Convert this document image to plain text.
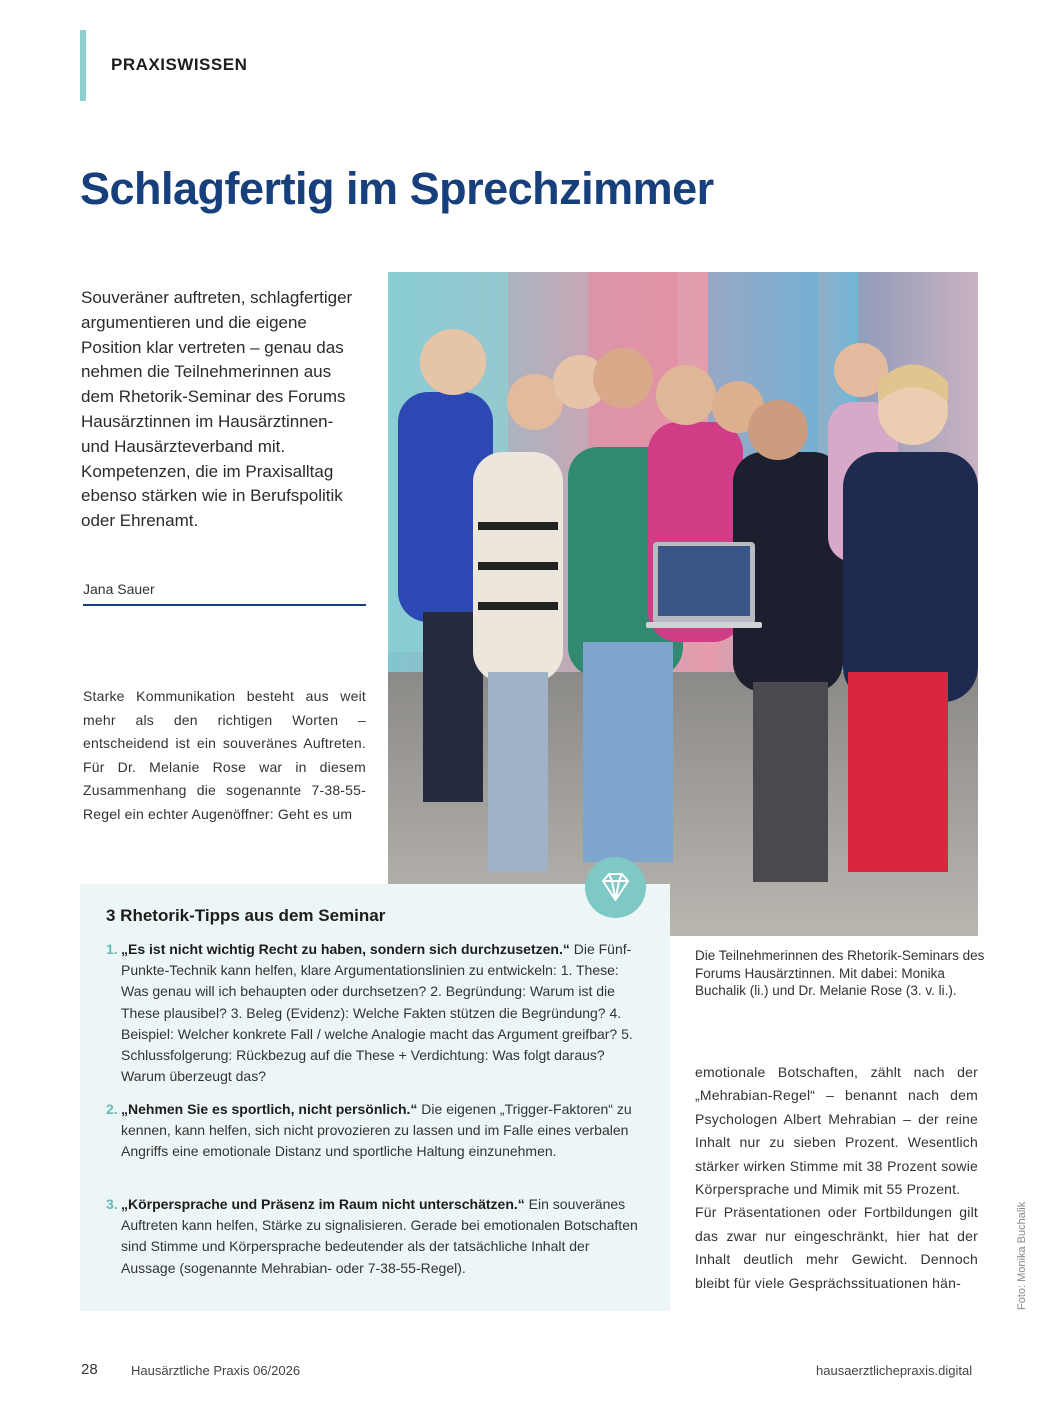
PRAXISWISSEN
Schlagfertig im Sprechzimmer
Souveräner auftreten, schlagfertiger argumentieren und die eigene Position klar vertreten – genau das nehmen die Teilnehmerinnen aus dem Rhetorik-Seminar des Forums Hausärztinnen im Hausärztinnen- und Hausärzteverband mit. Kompetenzen, die im Praxisalltag ebenso stärken wie in Berufspolitik oder Ehrenamt.
Jana Sauer
Starke Kommunikation besteht aus weit mehr als den richtigen Worten – entscheidend ist ein souveränes Auftreten. Für Dr. Melanie Rose war in diesem Zusammenhang die sogenannte 7-38-55-Regel ein echter Augenöffner: Geht es um
Die Teilnehmerinnen des Rhetorik-Seminars des Forums Hausärztinnen. Mit dabei: Monika Buchalik (li.) und Dr. Melanie Rose (3. v. li.).
emotionale Botschaften, zählt nach der „Mehrabian-Regel“ – benannt nach dem Psychologen Albert Mehrabian – der reine Inhalt nur zu sieben Prozent. Wesentlich stärker wirken Stimme mit 38 Prozent sowie Körpersprache und Mimik mit 55 Prozent.
Für Präsentationen oder Fortbildungen gilt das zwar nur eingeschränkt, hier hat der Inhalt deutlich mehr Gewicht. Dennoch bleibt für viele Gesprächssituationen hän-	Foto: Monika Buchalik
3 Rhetorik-Tipps aus dem Seminar
1. „Es ist nicht wichtig Recht zu haben, sondern sich durchzusetzen.“ Die Fünf-Punkte-Technik kann helfen, klare Argumentationslinien zu entwickeln: 1. These: Was genau will ich behaupten oder durchsetzen? 2. Begründung: Warum ist die These plausibel? 3. Beleg (Evidenz): Welche Fakten stützen die Begründung? 4. Beispiel: Welcher konkrete Fall / welche Analogie macht das Argument greifbar? 5. Schlussfolgerung: Rückbezug auf die These + Verdichtung: Was folgt daraus? Warum überzeugt das?
2. „Nehmen Sie es sportlich, nicht persönlich.“ Die eigenen „Trigger-Faktoren“ zu kennen, kann helfen, sich nicht provozieren zu lassen und im Falle eines verbalen Angriffs eine emotionale Distanz und sportliche Haltung einzunehmen.
3. „Körpersprache und Präsenz im Raum nicht unterschätzen.“ Ein souveränes Auftreten kann helfen, Stärke zu signalisieren. Gerade bei emotionalen Botschaften sind Stimme und Körpersprache bedeutender als der tatsächliche Inhalt der Aussage (sogenannte Mehrabian- oder 7-38-55-Regel).
28	Hausärztliche Praxis 06/2026	hausaerztlichepraxis.digital
